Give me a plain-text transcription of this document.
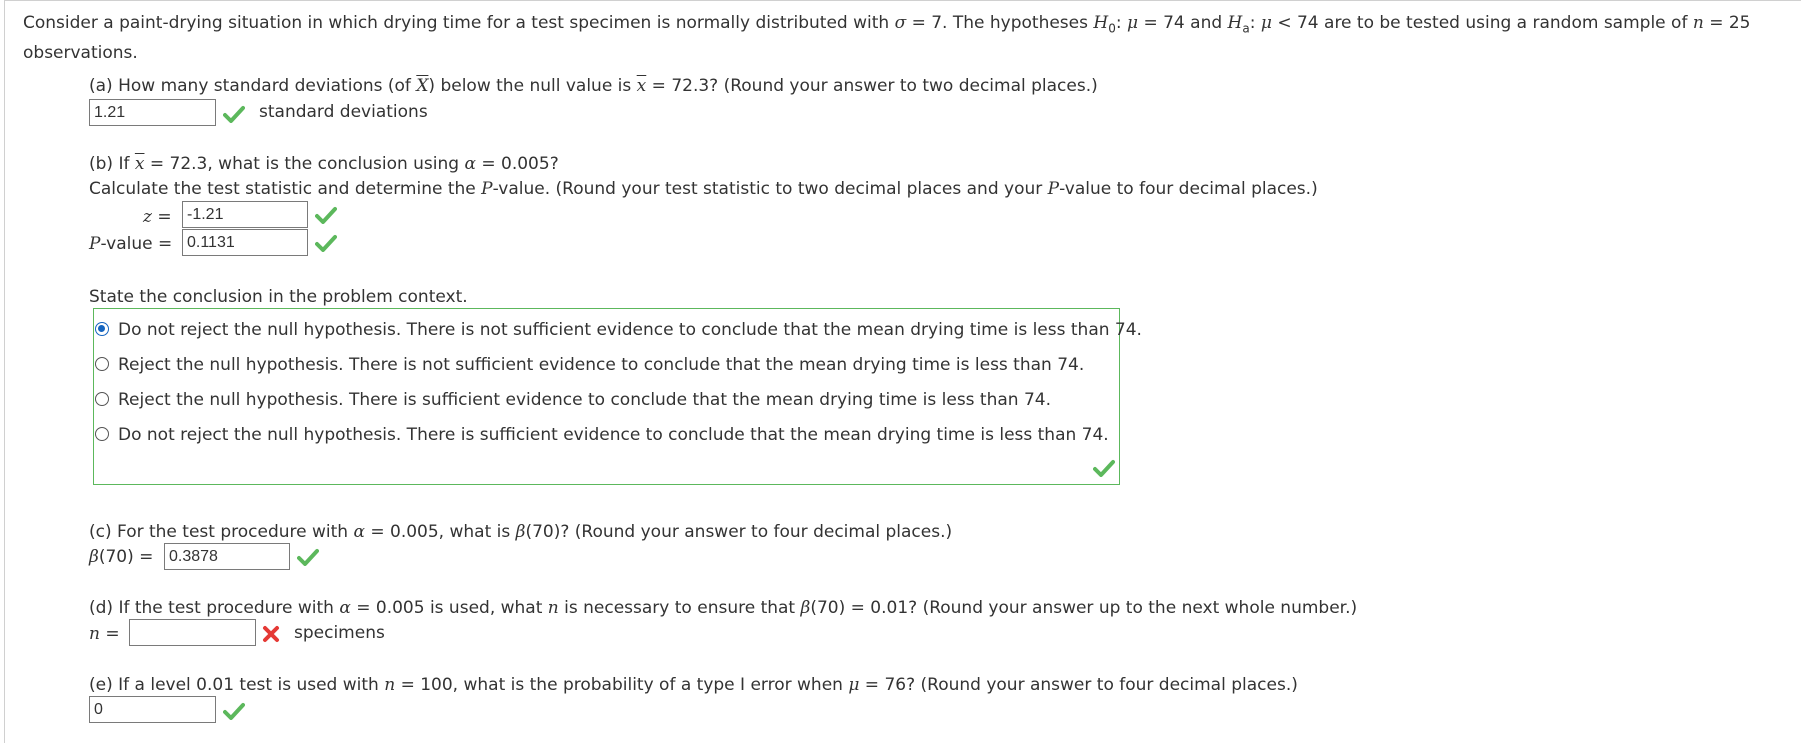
Consider a paint-drying situation in which drying time for a test specimen is normally distributed with σ = 7. The hypotheses $H_0$: μ = 74 and $H_a$: μ < 74 are to be tested using a random sample of n = 25
observations.
(a) How many standard deviations (of $\overline{X}$) below the null value is $\overline{x} = 72.3$? (Round your answer to two decimal places.)
1.21	standard deviations
(b) If $\overline{x} = 72.3$, what is the conclusion using α = 0.005?
Calculate the test statistic and determine the P-value. (Round your test statistic to two decimal places and your P-value to four decimal places.)
z = -1.21
P-value = 0.1131
State the conclusion in the problem context.
Do not reject the null hypothesis. There is not sufficient evidence to conclude that the mean drying time is less than 74.
Reject the null hypothesis. There is not sufficient evidence to conclude that the mean drying time is less than 74.
Reject the null hypothesis. There is sufficient evidence to conclude that the mean drying time is less than 74.
Do not reject the null hypothesis. There is sufficient evidence to conclude that the mean drying time is less than 74.
(c) For the test procedure with α = 0.005, what is β(70)? (Round your answer to four decimal places.)
β(70) = 0.3878
(d) If the test procedure with α = 0.005 is used, what n is necessary to ensure that β(70) = 0.01? (Round your answer up to the next whole number.)
n =	specimens
(e) If a level 0.01 test is used with n = 100, what is the probability of a type I error when μ = 76? (Round your answer to four decimal places.)
0
